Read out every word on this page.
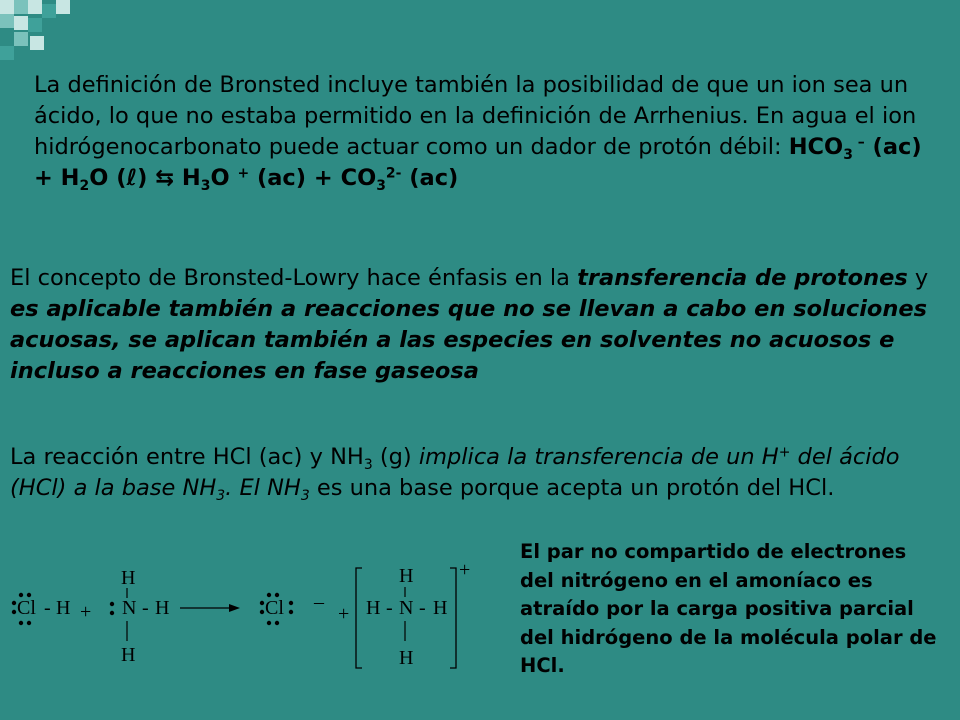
La definición de Bronsted incluye también la posibilidad de que un ion sea un ácido, lo que no estaba permitido en la definición de Arrhenius. En agua el ion hidrógenocarbonato puede actuar como un dador de protón débil: $HCO_3$ – $(ac) + H_2O$ (ℓ) ⇆ $H_3O$ + $(ac) + CO_3^{2-}$ (ac)

El concepto de Bronsted-Lowry hace énfasis en la transferencia de protones y es aplicable también a reacciones que no se llevan a cabo en soluciones acuosas, se aplican también a las especies en solventes no acuosos e incluso a reacciones en fase gaseosa

La reacción entre HCl (ac) y $NH_3$ (g) implica la transferencia de un H+ del ácido (HCl) a la base $NH_3$. El $NH_3$ es una base porque acepta un protón del HCl.

El par no compartido de electrones del nitrógeno en el amoníaco es atraído por la carga positiva parcial del hidrógeno de la molécula polar de HCl.
Cl - H +
H
N - H
H
Cl –
+
H
H - N - H
H
+
